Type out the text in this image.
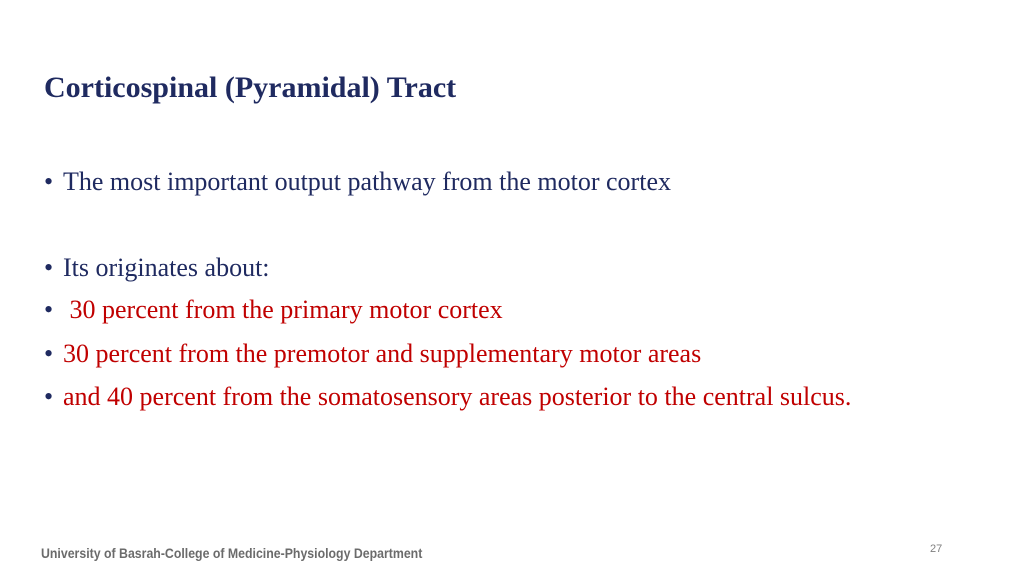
Corticospinal (Pyramidal) Tract
• The most important output pathway from the motor cortex
• Its originates about:
• 30 percent from the primary motor cortex
• 30 percent from the premotor and supplementary motor areas
• and 40 percent from the somatosensory areas posterior to the central sulcus.
University of Basrah-College of Medicine-Physiology Department	27
